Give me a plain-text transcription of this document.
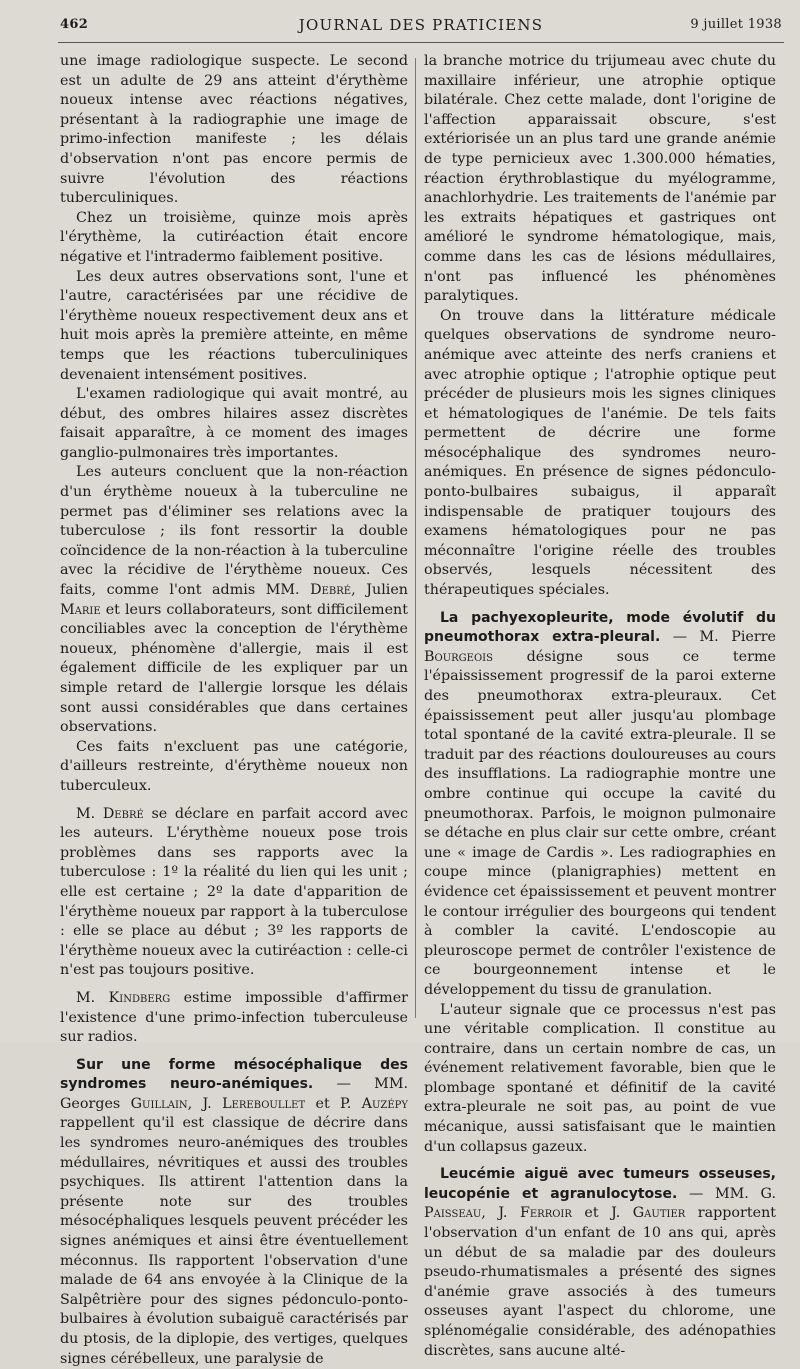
462	JOURNAL DES PRATICIENS	9 juillet 1938

une image radiologique suspecte. Le second est un adulte de 29 ans atteint d'érythème noueux intense avec réactions négatives, présentant à la radiographie une image de primo-infection manifeste ; les délais d'observation n'ont pas encore permis de suivre l'évolution des réactions tuberculiniques.

Chez un troisième, quinze mois après l'érythème, la cutiréaction était encore négative et l'intradermo faiblement positive.

Les deux autres observations sont, l'une et l'autre, caractérisées par une récidive de l'érythème noueux respectivement deux ans et huit mois après la première atteinte, en même temps que les réactions tuberculiniques devenaient intensément positives.

L'examen radiologique qui avait montré, au début, des ombres hilaires assez discrètes faisait apparaître, à ce moment des images ganglio-pulmonaires très importantes.

Les auteurs concluent que la non-réaction d'un érythème noueux à la tuberculine ne permet pas d'éliminer ses relations avec la tuberculose ; ils font ressortir la double coïncidence de la non-réaction à la tuberculine avec la récidive de l'érythème noueux. Ces faits, comme l'ont admis MM. Debré, Julien Marie et leurs collaborateurs, sont difficilement conciliables avec la conception de l'érythème noueux, phénomène d'allergie, mais il est également difficile de les expliquer par un simple retard de l'allergie lorsque les délais sont aussi considérables que dans certaines observations.

Ces faits n'excluent pas une catégorie, d'ailleurs restreinte, d'érythème noueux non tuberculeux.

M. Debré se déclare en parfait accord avec les auteurs. L'érythème noueux pose trois problèmes dans ses rapports avec la tuberculose : 1º la réalité du lien qui les unit ; elle est certaine ; 2º la date d'apparition de l'érythème noueux par rapport à la tuberculose : elle se place au début ; 3º les rapports de l'érythème noueux avec la cutiréaction : celle-ci n'est pas toujours positive.

M. Kindberg estime impossible d'affirmer l'existence d'une primo-infection tuberculeuse sur radios.

Sur une forme mésocéphalique des syndromes neuro-anémiques. — MM. Georges Guillain, J. Lereboullet et P. Auzépy rappellent qu'il est classique de décrire dans les syndromes neuro-anémiques des troubles médullaires, névritiques et aussi des troubles psychiques. Ils attirent l'attention dans la présente note sur des troubles mésocéphaliques lesquels peuvent précéder les signes anémiques et ainsi être éventuellement méconnus. Ils rapportent l'observation d'une malade de 64 ans envoyée à la Clinique de la Salpêtrière pour des signes pédonculo-ponto-bulbaires à évolution subaiguë caractérisés par du ptosis, de la diplopie, des vertiges, quelques signes cérébelleux, une paralysie de

la branche motrice du trijumeau avec chute du maxillaire inférieur, une atrophie optique bilatérale. Chez cette malade, dont l'origine de l'affection apparaissait obscure, s'est extériorisée un an plus tard une grande anémie de type pernicieux avec 1.300.000 hématies, réaction érythroblastique du myélogramme, anachlorhydrie. Les traitements de l'anémie par les extraits hépatiques et gastriques ont amélioré le syndrome hématologique, mais, comme dans les cas de lésions médullaires, n'ont pas influencé les phénomènes paralytiques.

On trouve dans la littérature médicale quelques observations de syndrome neuro-anémique avec atteinte des nerfs craniens et avec atrophie optique ; l'atrophie optique peut précéder de plusieurs mois les signes cliniques et hématologiques de l'anémie. De tels faits permettent de décrire une forme mésocéphalique des syndromes neuro-anémiques. En présence de signes pédonculo-ponto-bulbaires subaigus, il apparaît indispensable de pratiquer toujours des examens hématologiques pour ne pas méconnaître l'origine réelle des troubles observés, lesquels nécessitent des thérapeutiques spéciales.

La pachyexopleurite, mode évolutif du pneumothorax extra-pleural. — M. Pierre Bourgeois désigne sous ce terme l'épaississement progressif de la paroi externe des pneumothorax extra-pleuraux. Cet épaississement peut aller jusqu'au plombage total spontané de la cavité extra-pleurale. Il se traduit par des réactions douloureuses au cours des insufflations. La radiographie montre une ombre continue qui occupe la cavité du pneumothorax. Parfois, le moignon pulmonaire se détache en plus clair sur cette ombre, créant une « image de Cardis ». Les radiographies en coupe mince (planigraphies) mettent en évidence cet épaississement et peuvent montrer le contour irrégulier des bourgeons qui tendent à combler la cavité. L'endoscopie au pleuroscope permet de contrôler l'existence de ce bourgeonnement intense et le développement du tissu de granulation.

L'auteur signale que ce processus n'est pas une véritable complication. Il constitue au contraire, dans un certain nombre de cas, un événement relativement favorable, bien que le plombage spontané et définitif de la cavité extra-pleurale ne soit pas, au point de vue mécanique, aussi satisfaisant que le maintien d'un collapsus gazeux.

Leucémie aiguë avec tumeurs osseuses, leucopénie et agranulocytose. — MM. G. Paisseau, J. Ferroir et J. Gautier rapportent l'observation d'un enfant de 10 ans qui, après un début de sa maladie par des douleurs pseudo-rhumatismales a présenté des signes d'anémie grave associés à des tumeurs osseuses ayant l'aspect du chlorome, une splénomégalie considérable, des adénopathies discrètes, sans aucune alté-
